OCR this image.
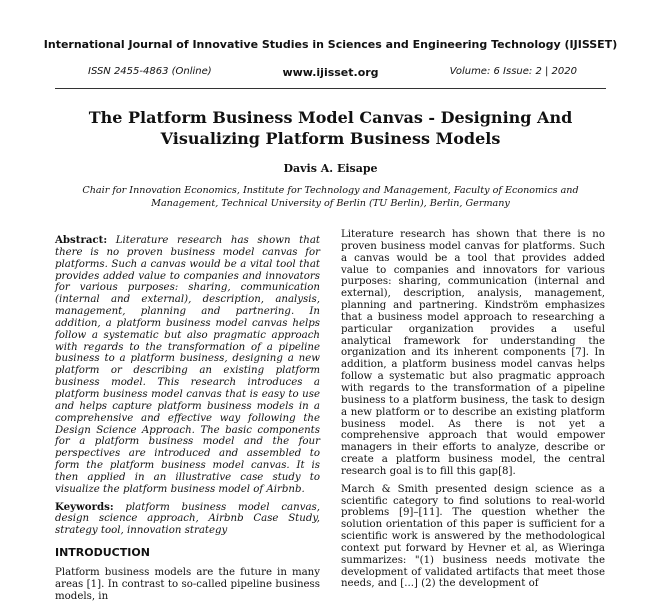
International Journal of Innovative Studies in Sciences and Engineering Technology (IJISSET)
ISSN 2455-4863 (Online)	www.ijisset.org	Volume: 6 Issue: 2 | 2020
The Platform Business Model Canvas - Designing And Visualizing Platform Business Models
Davis A. Eisape
Chair for Innovation Economics, Institute for Technology and Management, Faculty of Economics and Management, Technical University of Berlin (TU Berlin), Berlin, Germany

Abstract: Literature research has shown that there is no proven business model canvas for platforms. Such a canvas would be a vital tool that provides added value to companies and innovators for various purposes: sharing, communication (internal and external), description, analysis, management, planning and partnering. In addition, a platform business model canvas helps follow a systematic but also pragmatic approach with regards to the transformation of a pipeline business to a platform business, designing a new platform or describing an existing platform business model. This research introduces a platform business model canvas that is easy to use and helps capture platform business models in a comprehensive and effective way following the Design Science Approach. The basic components for a platform business model and the four perspectives are introduced and assembled to form the platform business model canvas. It is then applied in an illustrative case study to visualize the platform business model of Airbnb.

Keywords: platform business model canvas, design science approach, Airbnb Case Study, strategy tool, innovation strategy

INTRODUCTION

Platform business models are the future in many areas [1]. In contrast to so-called pipeline business models, in

Literature research has shown that there is no proven business model canvas for platforms. Such a canvas would be a tool that provides added value to companies and innovators for various purposes: sharing, communication (internal and external), description, analysis, management, planning and partnering. Kindström emphasizes that a business model approach to researching a particular organization provides a useful analytical framework for understanding the organization and its inherent components [7]. In addition, a platform business model canvas helps follow a systematic but also pragmatic approach with regards to the transformation of a pipeline business to a platform business, the task to design a new platform or to describe an existing platform business model. As there is not yet a comprehensive approach that would empower managers in their efforts to analyze, describe or create a platform business model, the central research goal is to fill this gap[8].

March & Smith presented design science as a scientific category to find solutions to real-world problems [9]–[11]. The question whether the solution orientation of this paper is sufficient for a scientific work is answered by the methodological context put forward by Hevner et al, as Wieringa summarizes: "(1) business needs motivate the development of validated artifacts that meet those needs, and [...] (2) the development of
